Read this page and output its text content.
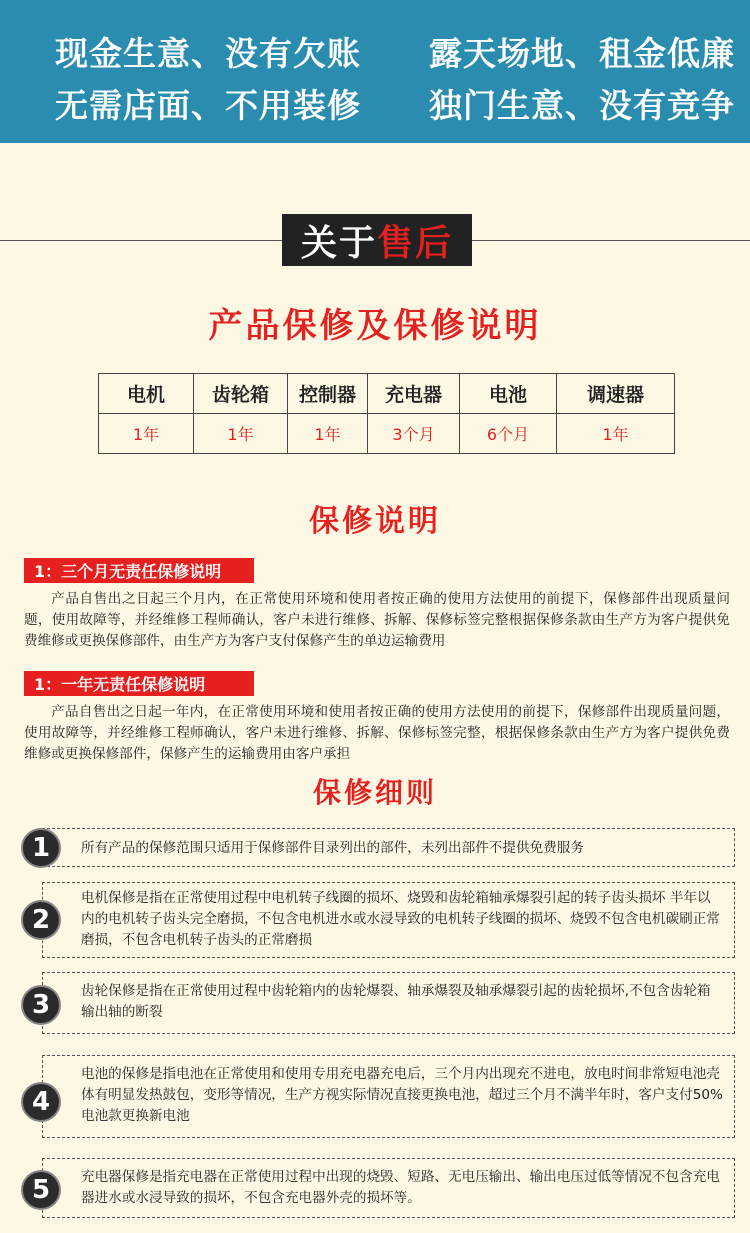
现金生意、没有欠账 露天场地、租金低廉
无需店面、不用装修 独门生意、没有竞争
关于 售后
产品保修及保修说明
电机	齿轮箱	控制器	充电器	电池	调速器
1年	1年	1年	3个月	6个月	1年
保修说明
1：三个月无责任保修说明
产品自售出之日起三个月内，在正常使用环境和使用者按正确的使用方法使用的前提下，保修部件出现质量问题，使用故障等，并经维修工程师确认，客户未进行维修、拆解、保修标签完整根据保修条款由生产方为客户提供免费维修或更换保修部件，由生产方为客户支付保修产生的单边运输费用
1：一年无责任保修说明
产品自售出之日起一年内，在正常使用环境和使用者按正确的使用方法使用的前提下，保修部件出现质量问题，使用故障等，并经维修工程师确认，客户未进行维修、拆解、保修标签完整，根据保修条款由生产方为客户提供免费维修或更换保修部件，保修产生的运输费用由客户承担
保修细则
所有产品的保修范围只适用于保修部件目录列出的部件，未列出部件不提供免费服务
1
电机保修是指在正常使用过程中电机转子线圈的损坏、烧毁和齿轮箱轴承爆裂引起的转子齿头损坏 半年以内的电机转子齿头完全磨损，不包含电机进水或水浸导致的电机转子线圈的损坏、烧毁不包含电机碳刷正常磨损，不包含电机转子齿头的正常磨损
2
齿轮保修是指在正常使用过程中齿轮箱内的齿轮爆裂、轴承爆裂及轴承爆裂引起的齿轮损坏,不包含齿轮箱输出轴的断裂
3
电池的保修是指电池在正常使用和使用专用充电器充电后，三个月内出现充不进电，放电时间非常短电池壳体有明显发热鼓包，变形等情况，生产方视实际情况直接更换电池，超过三个月不满半年时，客户支付50%电池款更换新电池
4
充电器保修是指充电器在正常使用过程中出现的烧毁、短路、无电压输出、输出电压过低等情况不包含充电器进水或水浸导致的损坏，不包含充电器外壳的损坏等。
5
